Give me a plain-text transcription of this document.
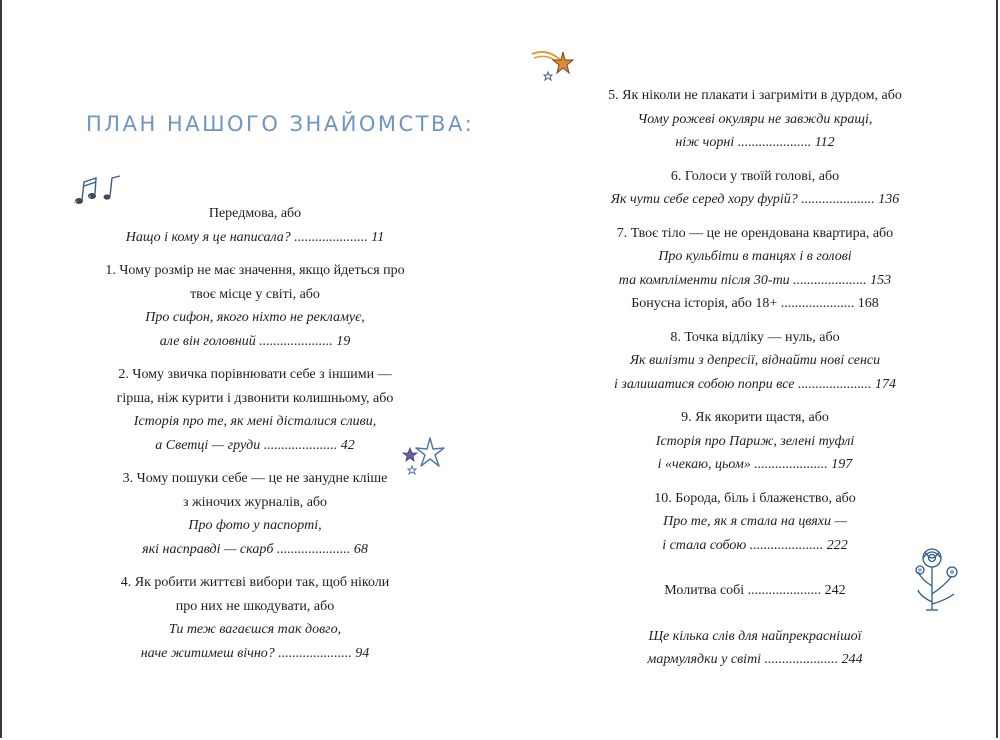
ПЛАН НАШОГО ЗНАЙОМСТВА:
Передмова, або
Нащо і кому я це написала? ..................... 11
1. Чому розмір не має значення, якщо йдеться про
твоє місце у світі, або
Про сифон, якого ніхто не рекламує,
але він головний ..................... 19
2. Чому звичка порівнювати себе з іншими —
гірша, ніж курити і дзвонити колишньому, або
Історія про те, як мені дісталися сливи,
а Светці — груди ..................... 42
3. Чому пошуки себе — це не занудне кліше
з жіночих журналів, або
Про фото у паспорті,
які насправді — скарб ..................... 68
4. Як робити життєві вибори так, щоб ніколи
про них не шкодувати, або
Ти теж вагаєшся так довго,
наче житимеш вічно? ..................... 94
5. Як ніколи не плакати і загриміти в дурдом, або
Чому рожеві окуляри не завжди кращі,
ніж чорні ..................... 112
6. Голоси у твоїй голові, або
Як чути себе серед хору фурій? ..................... 136
7. Твоє тіло — це не орендована квартира, або
Про кульбіти в танцях і в голові
та компліменти після 30-ти ..................... 153
Бонусна історія, або 18+ ..................... 168
8. Точка відліку — нуль, або
Як вилізти з депресії, віднайти нові сенси
і залишатися собою попри все ..................... 174
9. Як якорити щастя, або
Історія про Париж, зелені туфлі
і «чекаю, цьом» ..................... 197
10. Борода, біль і блаженство, або
Про те, як я стала на цвяхи —
і стала собою ..................... 222
Молитва собі ..................... 242
Ще кілька слів для найпрекраснішої
мармулядки у світі ..................... 244
